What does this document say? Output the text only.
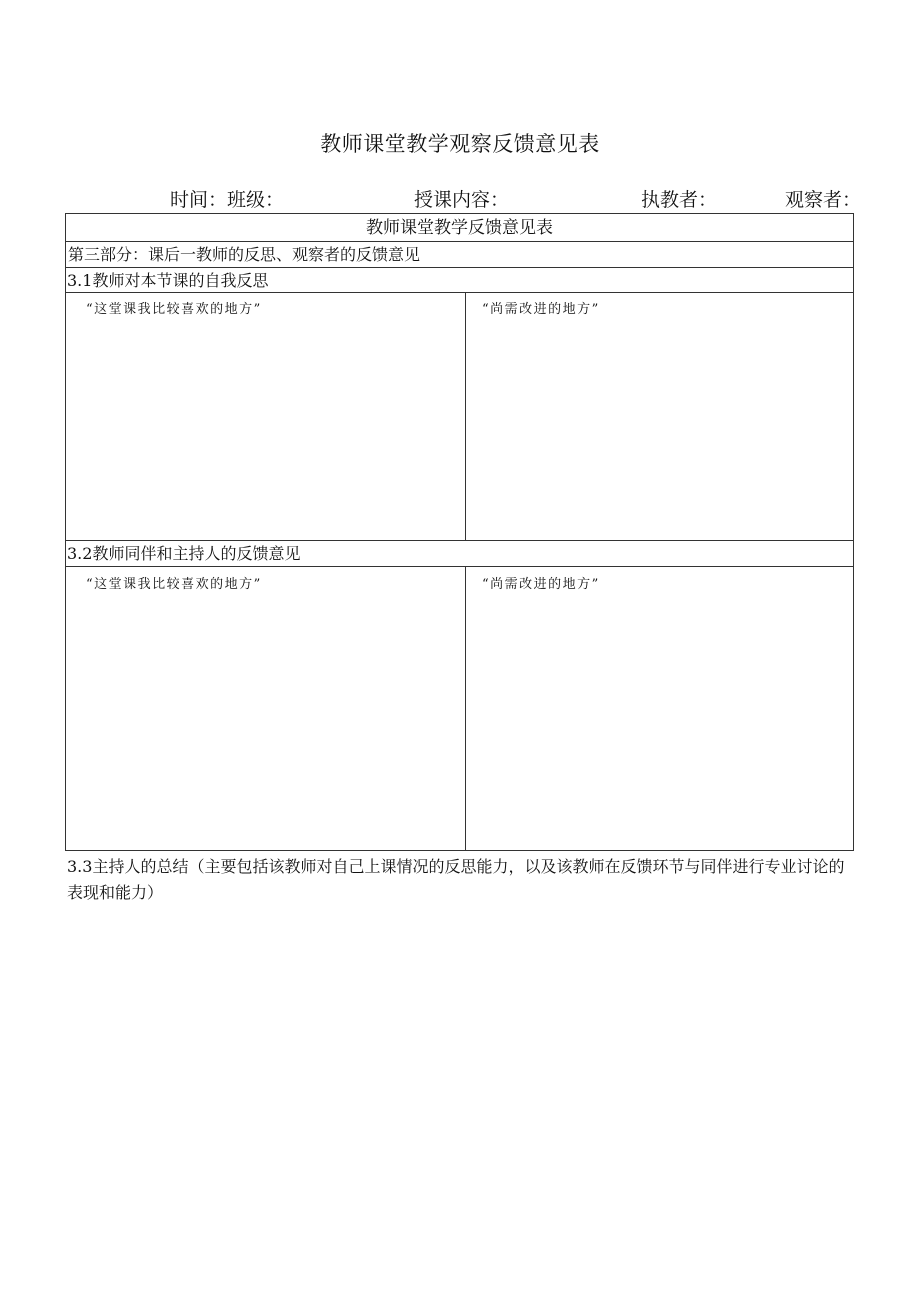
教师课堂教学观察反馈意见表
时间：班级：	授课内容：	执教者：	观察者：
教师课堂教学反馈意见表
第三部分：课后一教师的反思、观察者的反馈意见
3.1教师对本节课的自我反思
“这堂课我比较喜欢的地方”	“尚需改进的地方”
3.2教师同伴和主持人的反馈意见
“这堂课我比较喜欢的地方”	“尚需改进的地方”
3.3主持人的总结（主要包括该教师对自己上课情况的反思能力，以及该教师在反馈环节与同伴进行专业讨论的表现和能力）
